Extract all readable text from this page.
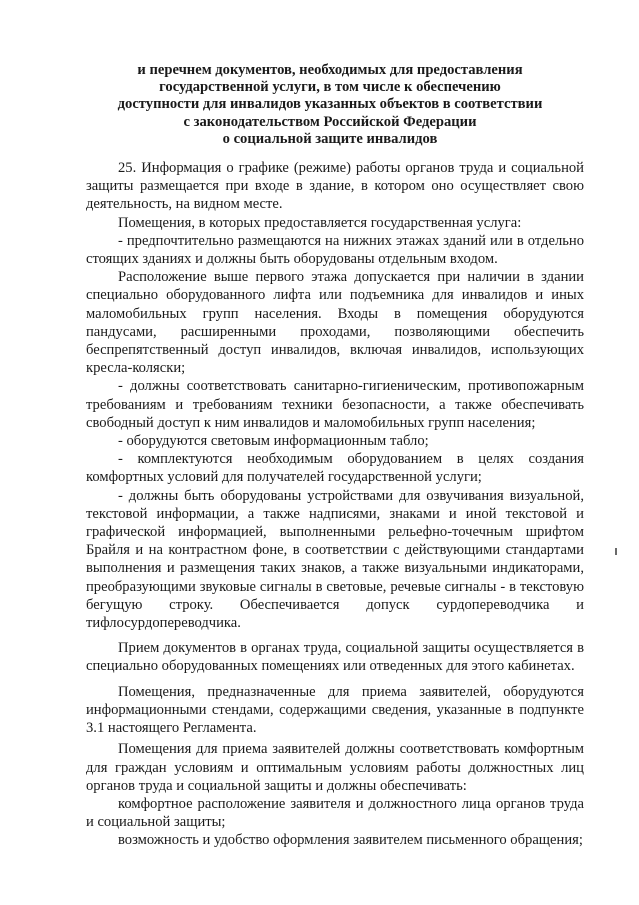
и перечнем документов, необходимых для предоставления
государственной услуги, в том числе к обеспечению
доступности для инвалидов указанных объектов в соответствии
с законодательством Российской Федерации
о социальной защите инвалидов

25. Информация о графике (режиме) работы органов труда и социальной защиты размещается при входе в здание, в котором оно осуществляет свою деятельность, на видном месте.

Помещения, в которых предоставляется государственная услуга:

- предпочтительно размещаются на нижних этажах зданий или в отдельно стоящих зданиях и должны быть оборудованы отдельным входом.

Расположение выше первого этажа допускается при наличии в здании специально оборудованного лифта или подъемника для инвалидов и иных маломобильных групп населения. Входы в помещения оборудуются пандусами, расширенными проходами, позволяющими обеспечить беспрепятственный доступ инвалидов, включая инвалидов, использующих кресла-коляски;

- должны соответствовать санитарно-гигиеническим, противопожарным требованиям и требованиям техники безопасности, а также обеспечивать свободный доступ к ним инвалидов и маломобильных групп населения;

- оборудуются световым информационным табло;

- комплектуются необходимым оборудованием в целях создания комфортных условий для получателей государственной услуги;

- должны быть оборудованы устройствами для озвучивания визуальной, текстовой информации, а также надписями, знаками и иной текстовой и графической информацией, выполненными рельефно-точечным шрифтом Брайля и на контрастном фоне, в соответствии с действующими стандартами выполнения и размещения таких знаков, а также визуальными индикаторами, преобразующими звуковые сигналы в световые, речевые сигналы - в текстовую бегущую строку. Обеспечивается допуск сурдопереводчика и тифлосурдопереводчика.

Прием документов в органах труда, социальной защиты осуществляется в специально оборудованных помещениях или отведенных для этого кабинетах.

Помещения, предназначенные для приема заявителей, оборудуются информационными стендами, содержащими сведения, указанные в подпункте 3.1 настоящего Регламента.

Помещения для приема заявителей должны соответствовать комфортным для граждан условиям и оптимальным условиям работы должностных лиц органов труда и социальной защиты и должны обеспечивать:

комфортное расположение заявителя и должностного лица органов труда и социальной защиты;

возможность и удобство оформления заявителем письменного обращения;
